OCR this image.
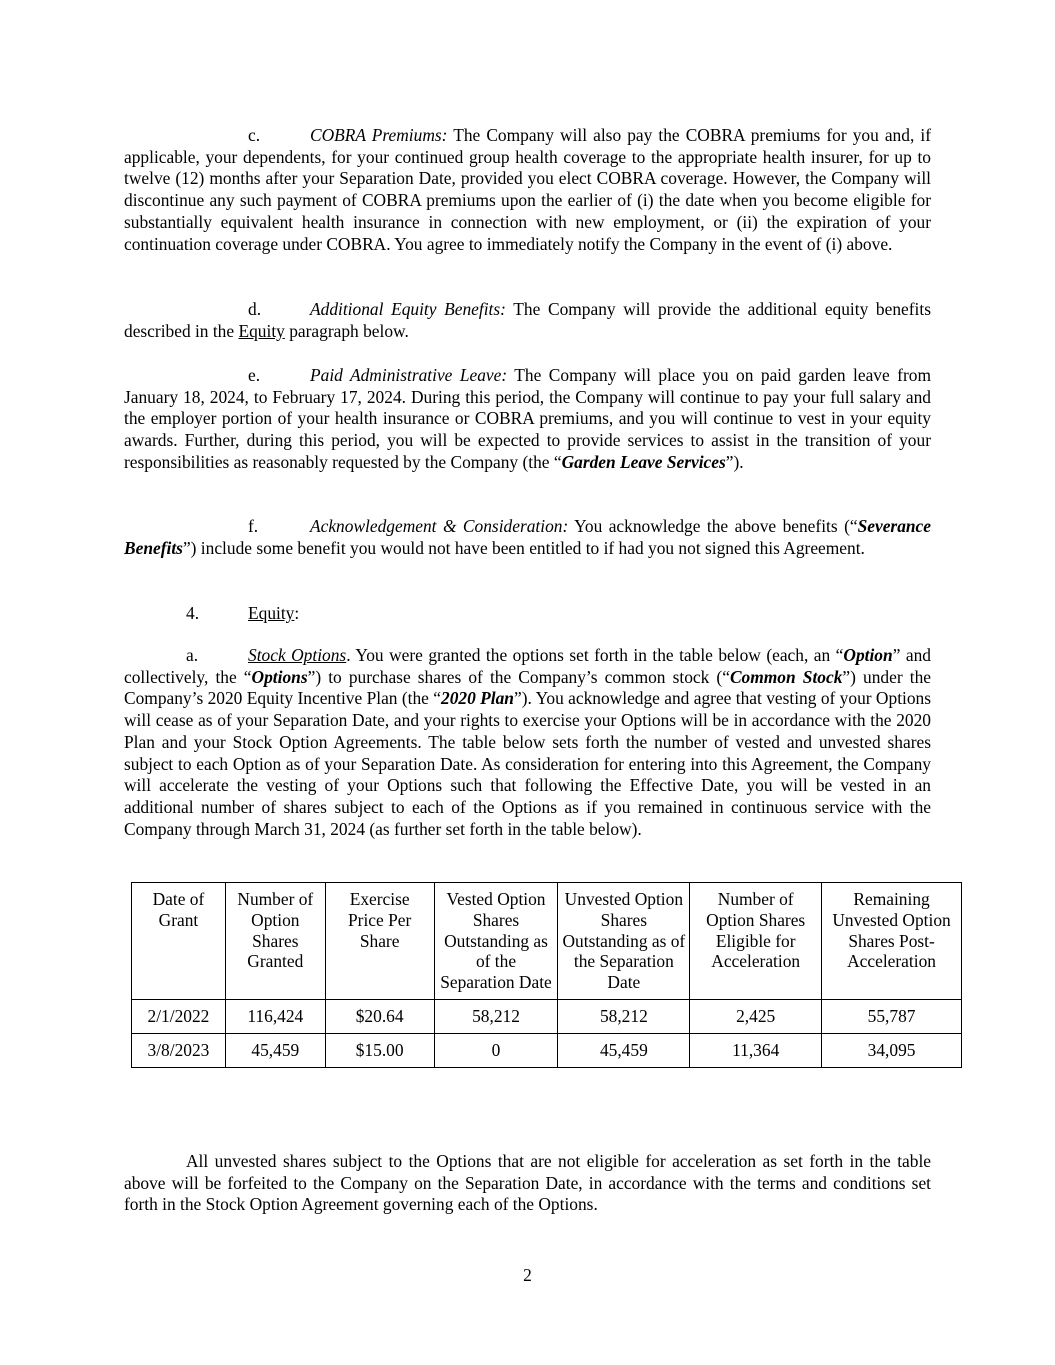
c.	COBRA Premiums: The Company will also pay the COBRA premiums for you and, if applicable, your dependents, for your continued group health coverage to the appropriate health insurer, for up to twelve (12) months after your Separation Date, provided you elect COBRA coverage. However, the Company will discontinue any such payment of COBRA premiums upon the earlier of (i) the date when you become eligible for substantially equivalent health insurance in connection with new employment, or (ii) the expiration of your continuation coverage under COBRA. You agree to immediately notify the Company in the event of (i) above.

d.	Additional Equity Benefits: The Company will provide the additional equity benefits described in the Equity paragraph below.

e.	Paid Administrative Leave: The Company will place you on paid garden leave from January 18, 2024, to February 17, 2024. During this period, the Company will continue to pay your full salary and the employer portion of your health insurance or COBRA premiums, and you will continue to vest in your equity awards. Further, during this period, you will be expected to provide services to assist in the transition of your responsibilities as reasonably requested by the Company (the “Garden Leave Services”).

f.	Acknowledgement & Consideration: You acknowledge the above benefits (“Severance Benefits”) include some benefit you would not have been entitled to if had you not signed this Agreement.

4.	Equity:

a.	Stock Options. You were granted the options set forth in the table below (each, an “Option” and collectively, the “Options”) to purchase shares of the Company’s common stock (“Common Stock”) under the Company’s 2020 Equity Incentive Plan (the “2020 Plan”). You acknowledge and agree that vesting of your Options will cease as of your Separation Date, and your rights to exercise your Options will be in accordance with the 2020 Plan and your Stock Option Agreements. The table below sets forth the number of vested and unvested shares subject to each Option as of your Separation Date. As consideration for entering into this Agreement, the Company will accelerate the vesting of your Options such that following the Effective Date, you will be vested in an additional number of shares subject to each of the Options as if you remained in continuous service with the Company through March 31, 2024 (as further set forth in the table below).

Date of Grant	Number of Option Shares Granted	Exercise Price Per Share	Vested Option Shares Outstanding as of the Separation Date	Unvested Option Shares Outstanding as of the Separation Date	Number of Option Shares Eligible for Acceleration	Remaining Unvested Option Shares Post-Acceleration
2/1/2022	116,424	$20.64	58,212	58,212	2,425	55,787
3/8/2023	45,459	$15.00	0	45,459	11,364	34,095

All unvested shares subject to the Options that are not eligible for acceleration as set forth in the table above will be forfeited to the Company on the Separation Date, in accordance with the terms and conditions set forth in the Stock Option Agreement governing each of the Options.

2
